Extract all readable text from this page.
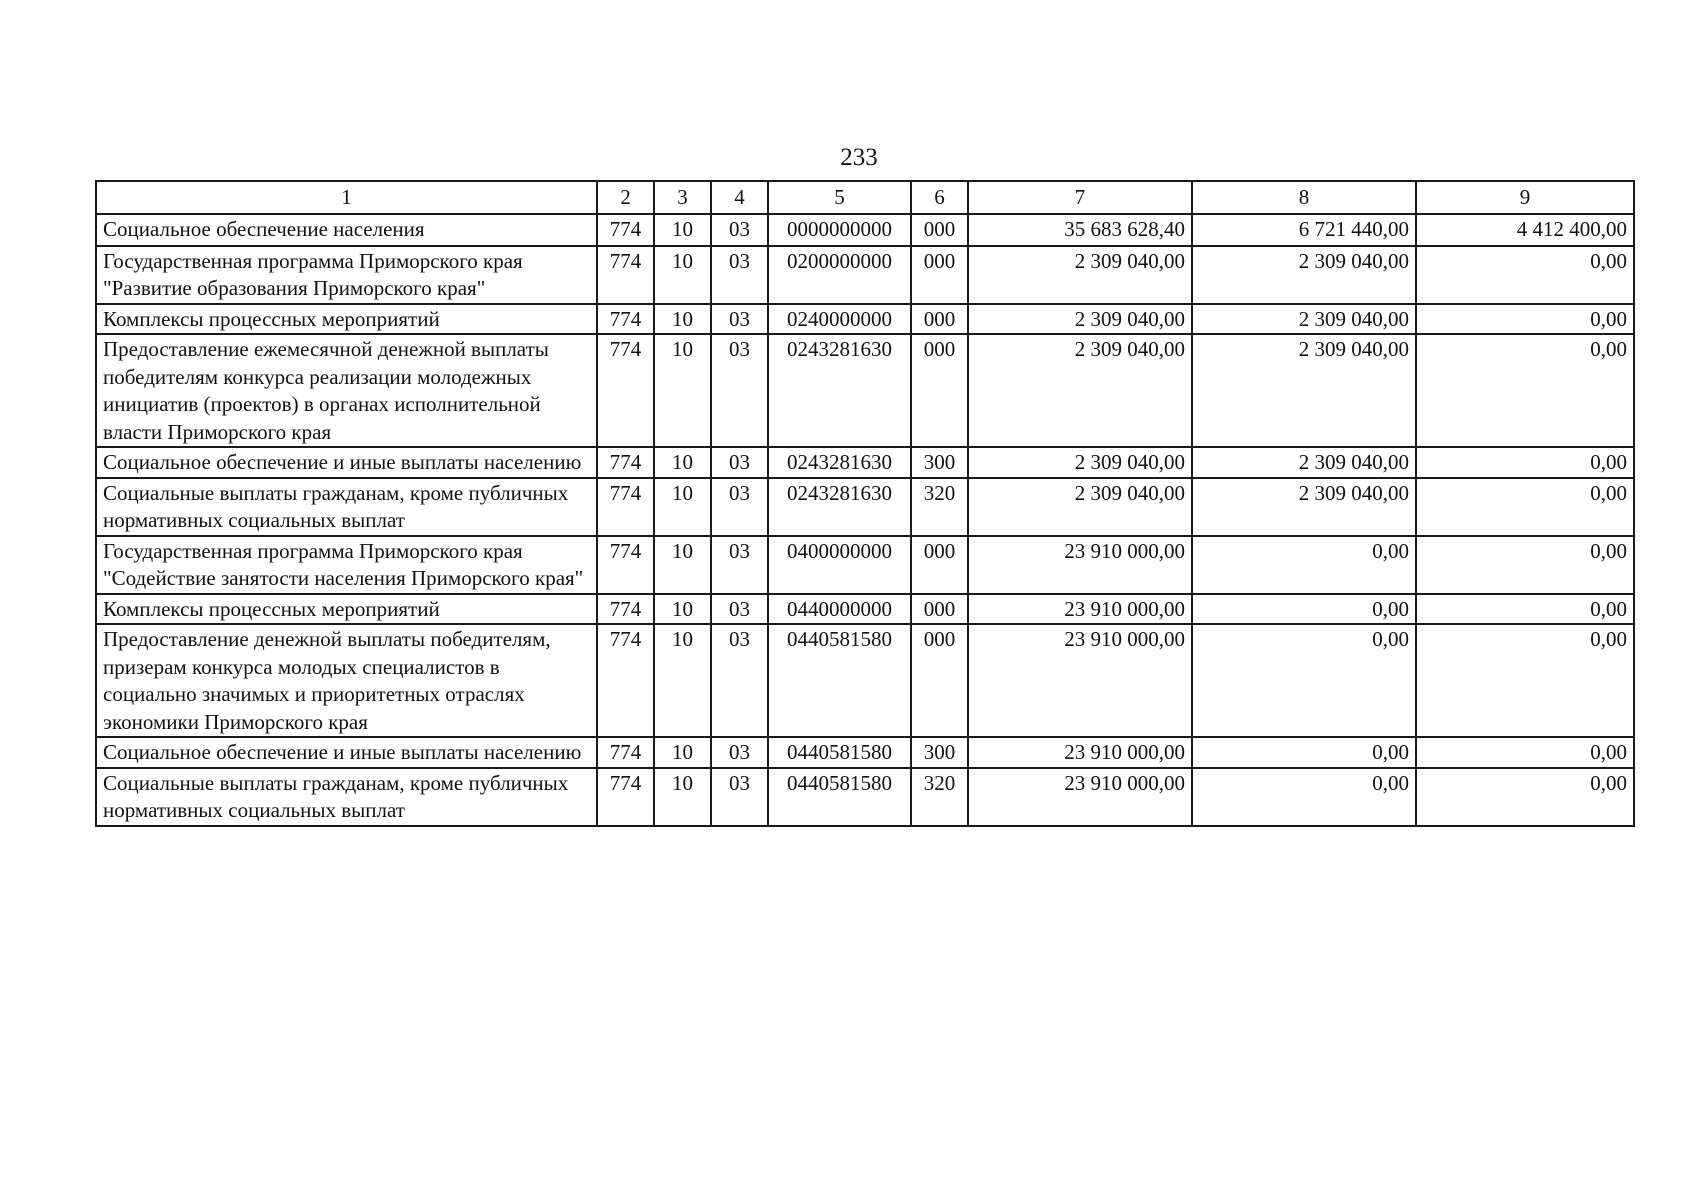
233
1	2	3	4	5	6	7	8	9
Социальное обеспечение населения	774	10	03	0000000000	000	35 683 628,40	6 721 440,00	4 412 400,00
Государственная программа Приморского края "Развитие образования Приморского края"	774	10	03	0200000000	000	2 309 040,00	2 309 040,00	0,00
Комплексы процессных мероприятий	774	10	03	0240000000	000	2 309 040,00	2 309 040,00	0,00
Предоставление ежемесячной денежной выплаты победителям конкурса реализации молодежных инициатив (проектов) в органах исполнительной власти Приморского края	774	10	03	0243281630	000	2 309 040,00	2 309 040,00	0,00
Социальное обеспечение и иные выплаты населению	774	10	03	0243281630	300	2 309 040,00	2 309 040,00	0,00
Социальные выплаты гражданам, кроме публичных нормативных социальных выплат	774	10	03	0243281630	320	2 309 040,00	2 309 040,00	0,00
Государственная программа Приморского края "Содействие занятости населения Приморского края"	774	10	03	0400000000	000	23 910 000,00	0,00	0,00
Комплексы процессных мероприятий	774	10	03	0440000000	000	23 910 000,00	0,00	0,00
Предоставление денежной выплаты победителям, призерам конкурса молодых специалистов в социально значимых и приоритетных отраслях экономики Приморского края	774	10	03	0440581580	000	23 910 000,00	0,00	0,00
Социальное обеспечение и иные выплаты населению	774	10	03	0440581580	300	23 910 000,00	0,00	0,00
Социальные выплаты гражданам, кроме публичных нормативных социальных выплат	774	10	03	0440581580	320	23 910 000,00	0,00	0,00
